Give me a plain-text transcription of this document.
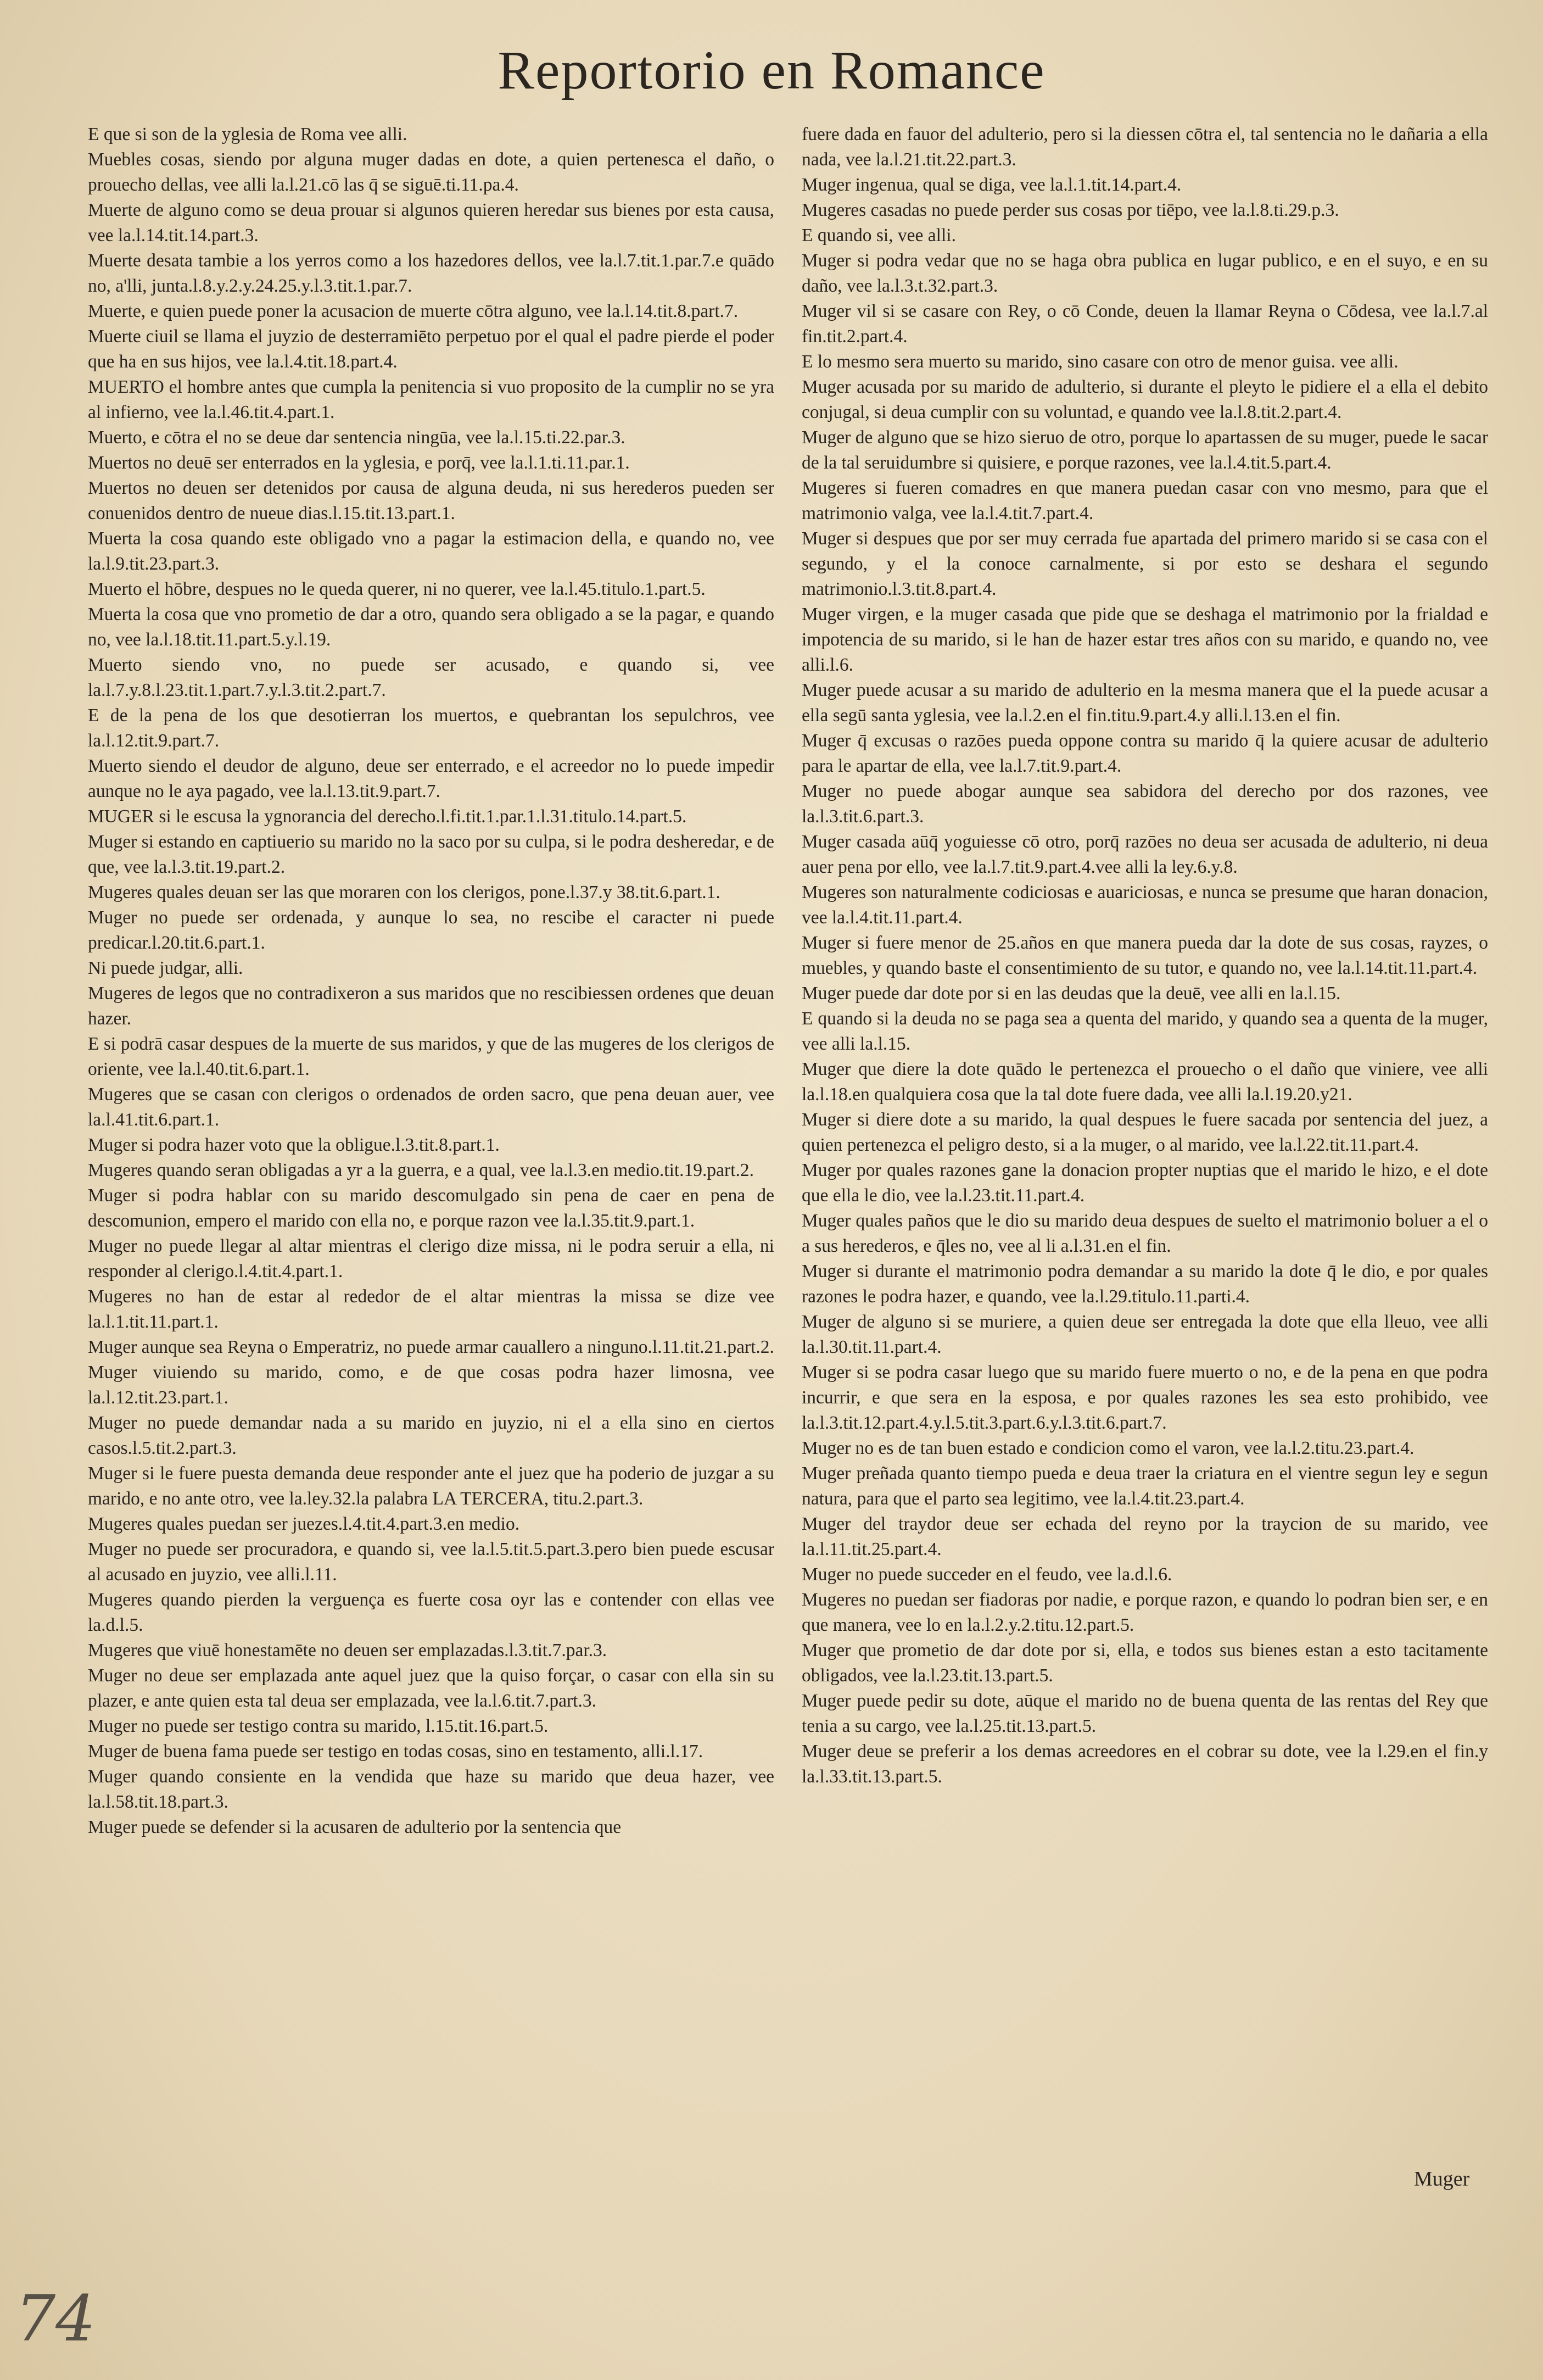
Reportorio en Romance

E que si son de la yglesia de Roma vee alli.

Muebles cosas, siendo por alguna muger dadas en dote, a quien pertenesca el daño, o prouecho dellas, vee alli la.l.21.cō las q̄ se siguē.ti.11.pa.4.

Muerte de alguno como se deua prouar si algunos quieren heredar sus bienes por esta causa, vee la.l.14.tit.14.part.3.

Muerte desata tambie a los yerros como a los hazedores dellos, vee la.l.7.tit.1.par.7.e quādo no, a'lli, junta.l.8.y.2.y.24.25.y.l.3.tit.1.par.7.

Muerte, e quien puede poner la acusacion de muerte cōtra alguno, vee la.l.14.tit.8.part.7.

Muerte ciuil se llama el juyzio de desterramiēto perpetuo por el qual el padre pierde el poder que ha en sus hijos, vee la.l.4.tit.18.part.4.

MUERTO el hombre antes que cumpla la penitencia si vuo proposito de la cumplir no se yra al infierno, vee la.l.46.tit.4.part.1.

Muerto, e cōtra el no se deue dar sentencia ningūa, vee la.l.15.ti.22.par.3.

Muertos no deuē ser enterrados en la yglesia, e porq̄, vee la.l.1.ti.11.par.1.

Muertos no deuen ser detenidos por causa de alguna deuda, ni sus herederos pueden ser conuenidos dentro de nueue dias.l.15.tit.13.part.1.

Muerta la cosa quando este obligado vno a pagar la estimacion della, e quando no, vee la.l.9.tit.23.part.3.

Muerto el hōbre, despues no le queda querer, ni no querer, vee la.l.45.titulo.1.part.5.

Muerta la cosa que vno prometio de dar a otro, quando sera obligado a se la pagar, e quando no, vee la.l.18.tit.11.part.5.y.l.19.

Muerto siendo vno, no puede ser acusado, e quando si, vee la.l.7.y.8.l.23.tit.1.part.7.y.l.3.tit.2.part.7.

E de la pena de los que desotierran los muertos, e quebrantan los sepulchros, vee la.l.12.tit.9.part.7.

Muerto siendo el deudor de alguno, deue ser enterrado, e el acreedor no lo puede impedir aunque no le aya pagado, vee la.l.13.tit.9.part.7.

MUGER si le escusa la ygnorancia del derecho.l.fi.tit.1.par.1.l.31.titulo.14.part.5.

Muger si estando en captiuerio su marido no la saco por su culpa, si le podra desheredar, e de que, vee la.l.3.tit.19.part.2.

Mugeres quales deuan ser las que moraren con los clerigos, pone.l.37.y 38.tit.6.part.1.

Muger no puede ser ordenada, y aunque lo sea, no rescibe el caracter ni puede predicar.l.20.tit.6.part.1.

Ni puede judgar, alli.

Mugeres de legos que no contradixeron a sus maridos que no rescibiessen ordenes que deuan hazer.

E si podrā casar despues de la muerte de sus maridos, y que de las mugeres de los clerigos de oriente, vee la.l.40.tit.6.part.1.

Mugeres que se casan con clerigos o ordenados de orden sacro, que pena deuan auer, vee la.l.41.tit.6.part.1.

Muger si podra hazer voto que la obligue.l.3.tit.8.part.1.

Mugeres quando seran obligadas a yr a la guerra, e a qual, vee la.l.3.en medio.tit.19.part.2.

Muger si podra hablar con su marido descomulgado sin pena de caer en pena de descomunion, empero el marido con ella no, e porque razon vee la.l.35.tit.9.part.1.

Muger no puede llegar al altar mientras el clerigo dize missa, ni le podra seruir a ella, ni responder al clerigo.l.4.tit.4.part.1.

Mugeres no han de estar al rededor de el altar mientras la missa se dize vee la.l.1.tit.11.part.1.

Muger aunque sea Reyna o Emperatriz, no puede armar cauallero a ninguno.l.11.tit.21.part.2.

Muger viuiendo su marido, como, e de que cosas podra hazer limosna, vee la.l.12.tit.23.part.1.

Muger no puede demandar nada a su marido en juyzio, ni el a ella sino en ciertos casos.l.5.tit.2.part.3.

Muger si le fuere puesta demanda deue responder ante el juez que ha poderio de juzgar a su marido, e no ante otro, vee la.ley.32.la palabra LA TERCERA, titu.2.part.3.

Mugeres quales puedan ser juezes.l.4.tit.4.part.3.en medio.

Muger no puede ser procuradora, e quando si, vee la.l.5.tit.5.part.3.pero bien puede escusar al acusado en juyzio, vee alli.l.11.

Mugeres quando pierden la verguença es fuerte cosa oyr las e contender con ellas vee la.d.l.5.

Mugeres que viuē honestamēte no deuen ser emplazadas.l.3.tit.7.par.3.

Muger no deue ser emplazada ante aquel juez que la quiso forçar, o casar con ella sin su plazer, e ante quien esta tal deua ser emplazada, vee la.l.6.tit.7.part.3.

Muger no puede ser testigo contra su marido, l.15.tit.16.part.5.

Muger de buena fama puede ser testigo en todas cosas, sino en testamento, alli.l.17.

Muger quando consiente en la vendida que haze su marido que deua hazer, vee la.l.58.tit.18.part.3.

Muger puede se defender si la acusaren de adulterio por la sentencia que

fuere dada en fauor del adulterio, pero si la diessen cōtra el, tal sentencia no le dañaria a ella nada, vee la.l.21.tit.22.part.3.

Muger ingenua, qual se diga, vee la.l.1.tit.14.part.4.

Mugeres casadas no puede perder sus cosas por tiēpo, vee la.l.8.ti.29.p.3.

E quando si, vee alli.

Muger si podra vedar que no se haga obra publica en lugar publico, e en el suyo, e en su daño, vee la.l.3.t.32.part.3.

Muger vil si se casare con Rey, o cō Conde, deuen la llamar Reyna o Cōdesa, vee la.l.7.al fin.tit.2.part.4.

E lo mesmo sera muerto su marido, sino casare con otro de menor guisa. vee alli.

Muger acusada por su marido de adulterio, si durante el pleyto le pidiere el a ella el debito conjugal, si deua cumplir con su voluntad, e quando vee la.l.8.tit.2.part.4.

Muger de alguno que se hizo sieruo de otro, porque lo apartassen de su muger, puede le sacar de la tal seruidumbre si quisiere, e porque razones, vee la.l.4.tit.5.part.4.

Mugeres si fueren comadres en que manera puedan casar con vno mesmo, para que el matrimonio valga, vee la.l.4.tit.7.part.4.

Muger si despues que por ser muy cerrada fue apartada del primero marido si se casa con el segundo, y el la conoce carnalmente, si por esto se deshara el segundo matrimonio.l.3.tit.8.part.4.

Muger virgen, e la muger casada que pide que se deshaga el matrimonio por la frialdad e impotencia de su marido, si le han de hazer estar tres años con su marido, e quando no, vee alli.l.6.

Muger puede acusar a su marido de adulterio en la mesma manera que el la puede acusar a ella segū santa yglesia, vee la.l.2.en el fin.titu.9.part.4.y alli.l.13.en el fin.

Muger q̄ excusas o razōes pueda oppone contra su marido q̄ la quiere acusar de adulterio para le apartar de ella, vee la.l.7.tit.9.part.4.

Muger no puede abogar aunque sea sabidora del derecho por dos razones, vee la.l.3.tit.6.part.3.

Muger casada aūq̄ yoguiesse cō otro, porq̄ razōes no deua ser acusada de adulterio, ni deua auer pena por ello, vee la.l.7.tit.9.part.4.vee alli la ley.6.y.8.

Mugeres son naturalmente codiciosas e auariciosas, e nunca se presume que haran donacion, vee la.l.4.tit.11.part.4.

Muger si fuere menor de 25.años en que manera pueda dar la dote de sus cosas, rayzes, o muebles, y quando baste el consentimiento de su tutor, e quando no, vee la.l.14.tit.11.part.4.

Muger puede dar dote por si en las deudas que la deuē, vee alli en la.l.15.

E quando si la deuda no se paga sea a quenta del marido, y quando sea a quenta de la muger, vee alli la.l.15.

Muger que diere la dote quādo le pertenezca el prouecho o el daño que viniere, vee alli la.l.18.en qualquiera cosa que la tal dote fuere dada, vee alli la.l.19.20.y21.

Muger si diere dote a su marido, la qual despues le fuere sacada por sentencia del juez, a quien pertenezca el peligro desto, si a la muger, o al marido, vee la.l.22.tit.11.part.4.

Muger por quales razones gane la donacion propter nuptias que el marido le hizo, e el dote que ella le dio, vee la.l.23.tit.11.part.4.

Muger quales paños que le dio su marido deua despues de suelto el matrimonio boluer a el o a sus herederos, e q̄les no, vee al li a.l.31.en el fin.

Muger si durante el matrimonio podra demandar a su marido la dote q̄ le dio, e por quales razones le podra hazer, e quando, vee la.l.29.titulo.11.parti.4.

Muger de alguno si se muriere, a quien deue ser entregada la dote que ella lleuo, vee alli la.l.30.tit.11.part.4.

Muger si se podra casar luego que su marido fuere muerto o no, e de la pena en que podra incurrir, e que sera en la esposa, e por quales razones les sea esto prohibido, vee la.l.3.tit.12.part.4.y.l.5.tit.3.part.6.y.l.3.tit.6.part.7.

Muger no es de tan buen estado e condicion como el varon, vee la.l.2.titu.23.part.4.

Muger preñada quanto tiempo pueda e deua traer la criatura en el vientre segun ley e segun natura, para que el parto sea legitimo, vee la.l.4.tit.23.part.4.

Muger del traydor deue ser echada del reyno por la traycion de su marido, vee la.l.11.tit.25.part.4.

Muger no puede succeder en el feudo, vee la.d.l.6.

Mugeres no puedan ser fiadoras por nadie, e porque razon, e quando lo podran bien ser, e en que manera, vee lo en la.l.2.y.2.titu.12.part.5.

Muger que prometio de dar dote por si, ella, e todos sus bienes estan a esto tacitamente obligados, vee la.l.23.tit.13.part.5.

Muger puede pedir su dote, aūque el marido no de buena quenta de las rentas del Rey que tenia a su cargo, vee la.l.25.tit.13.part.5.

Muger deue se preferir a los demas acreedores en el cobrar su dote, vee la l.29.en el fin.y la.l.33.tit.13.part.5.

Muger
74
